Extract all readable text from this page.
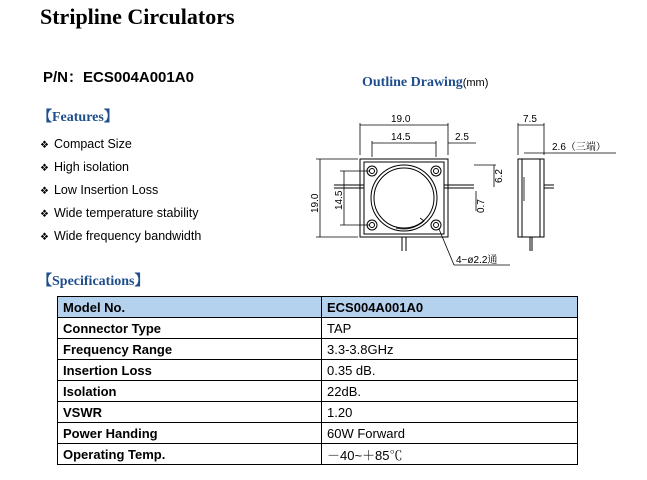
Stripline Circulators
P/N：ECS004A001A0	Outline Drawing(mm)
【Features】
❖ Compact Size
❖ High isolation
❖ Low Insertion Loss
❖ Wide temperature stability
❖ Wide frequency bandwidth
19.0
14.5	2.5
19.0 14.5
6.2
0.7
4−ø2.2通
7.5
2.6（三端）
【Specifications】
Model No.	ECS004A001A0
Connector Type	TAP
Frequency Range	3.3-3.8GHz
Insertion Loss	0.35 dB.
Isolation	22dB.
VSWR	1.20
Power Handing	60W Forward
Operating Temp.	－40~＋85℃
